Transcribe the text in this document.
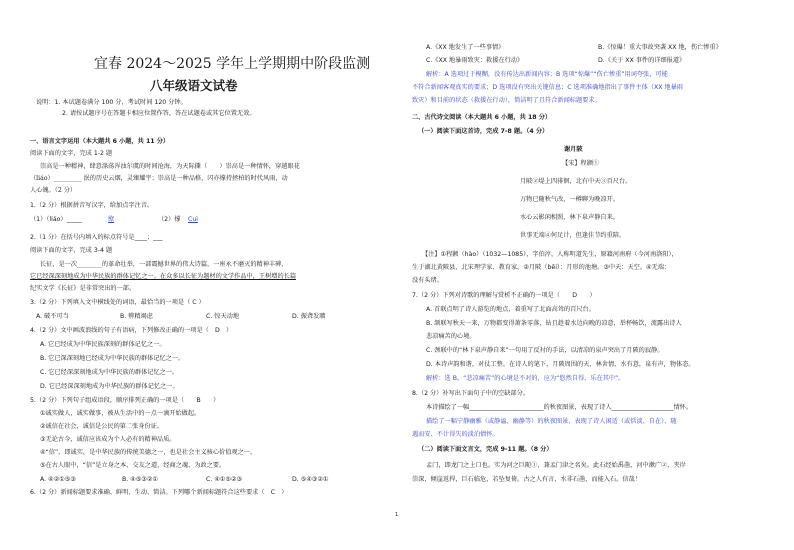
宜春 2024～2025 学年上学期期中阶段监测
八年级语文试卷
说明：1. 本试题卷满分 100 分，考试时间 120 分钟。
2. 请按试题序号在答题卡相应位置作答，答在试题卷或其它位置无效。
一、语言文字运用（本大题共 6 小题，共 11 分）
阅读下面的文字，完成 1-2 题
崇高是一种精神，肆意涤荡浑浊尔虞的时间沧海，为天际撕（　　）崇高是一种情怀，穿越眼花
（liáo）_________ 泯的历史云烟，灵臻耀宇；崇高是一种品格，闪亦撑持拯柏的时代风雨，动
人心魄。（2 分）
1.（2 分）根据拼音写汉字，给加点字注音。
（1）（liáo）_____	缭	（2）撑 Cuì
2.（1 分）在括号内填入的标点符号是____；___
阅读下面的文字，完成 3-4 题
长征，是一次________的革命壮举，一部震撼世界的伟大诗篇，一座永不磨灭的精神丰碑，
它已经深深刻地成为中华民族的群体记忆之一。在众多以长征为题材的文学作品中，王树增的长篇
纪实文学《长征》是非常突出的一部。
3.（2 分）下列填入文中横线处的词语，最恰当的一项是（ C ）
A. 破不可当	B. 辨精竭虑	C. 惊天动地	D. 振聋发聩
4.（2 分）文中画波浪线的句子有语病，下列修改正确的一项是（　D　）
A. 它已经成为中华民族深刻的群体记忆之一。
B. 它已深深刻地已经成为中华民族的群体记忆之一。
C. 它已经深深刻地成为中华民族的群体记忆之一。
D. 它已经深深刻地成为中华民族的群体记忆之一。
5.（2 分）下列句子组成语段，顺序排列正确的一项是（　　B　　）
①诚实做人，诚实做事，被从生活中的一点一滴开始做起。
②诚信在社会，诚信是公民的第二张身份证。
③无论古今，诚信应该成为个人必有的精神品质。
④“信”，即诚实，是中华民族的传统美德之一，也是社会主义核心价值观之一。
⑤在古人眼中，“信”是立身之本、交友之道、经商之魂、为政之要。
A. ④②①⑤③	B. ④⑤③②①	C. ④①⑤②③	D. ⑤④③②①
6.（2 分）新闻标题要求准确、鲜明、生动、简洁。下列哪个新闻标题符合这些要求（　C　）
A.《XX 地发生了一些事情》	B.《惊爆！重大事故突袭 XX 地，伤亡惨重》
C.《XX 地暴雨致灾：救援在行动》	D.《关于 XX 事件的详细报道》
解析：A 选项过于模糊，没有传达出新闻内容；B 选项“惊爆”“伤亡惨重”用词夸张，可能
不符合新闻客观真实的要求；D 选项没有突出关键信息；C 选项准确地指出了事件主体（XX 地暴雨
致灾）和目前的状态（救援在行动），简洁明了且符合新闻标题要求。
二、古代诗文阅读（本大题共 6 小题，共 18 分）
（一）阅读下面这首诗，完成 7-8 题。（4 分）
谢月陂
【宋】程颢①
月陂②堤上四徘徊，北有中天③百尺台。
万物已随秋气改，一樽聊为晚凉开。
水心云影闲相照，林下泉声静自来。
世事无端④何足计，但逢佳节约重陪。
【注】①程颢（hào）（1032—1085），字伯淳，人称明道先生，原籍河南府（今河南洛阳），
生于湖北黄陂县，北宋理学家、教育家。②月陂（bēi）：月形的池塘。③中天：天空。④无端：
没有头绪。
7.（2 分）下列对诗歌的理解与赏析不正确的一项是（　　D　　）
A. 首联点明了诗人游览的地点，着重写了北面高耸的百尺台。
B. 颔联写秋天一来，万物都变得萧条零落，钻且趁着水边向晚的凉意，举杯畅饮，流露出诗人
悲凉痛苦的心境。
C. 颈联中的“林下泉声静自来”一句用了反衬的手法，以清凉的泉声突出了月陂的寂静。
D. 本诗声韵和谐，对仗工整。在诗人的笔下，月陂周围的天，林舍情，水有意，泉有声，物体态。
解析：选 B，“悲凉痛苦”的心境是不对的，应为“悠然自得，乐在其中”。
8.（2 分）补写出下面句子中的空缺部分。
本诗描绘了一幅________________________的秋夜图景，表现了诗人____________________情怀。
描绘了一幅宁静幽雅（或静谧、幽静等）的秋夜图景，表现了诗人闲适（或恬淡、自在）、随
遇而安、不计得失的淡泊情怀。
（二）阅读下面文言文，完成 9-11 题。（8 分）
孟门，即龙门之上口也。实为河之巨阨①，兼孟门津之名矣。此石经始禹凿，河中漱广②，夹岸
崇深，倾崖返捍，巨石临危，若坠复倚。古之人有言，水非石凿，而能入石。信哉！
1
